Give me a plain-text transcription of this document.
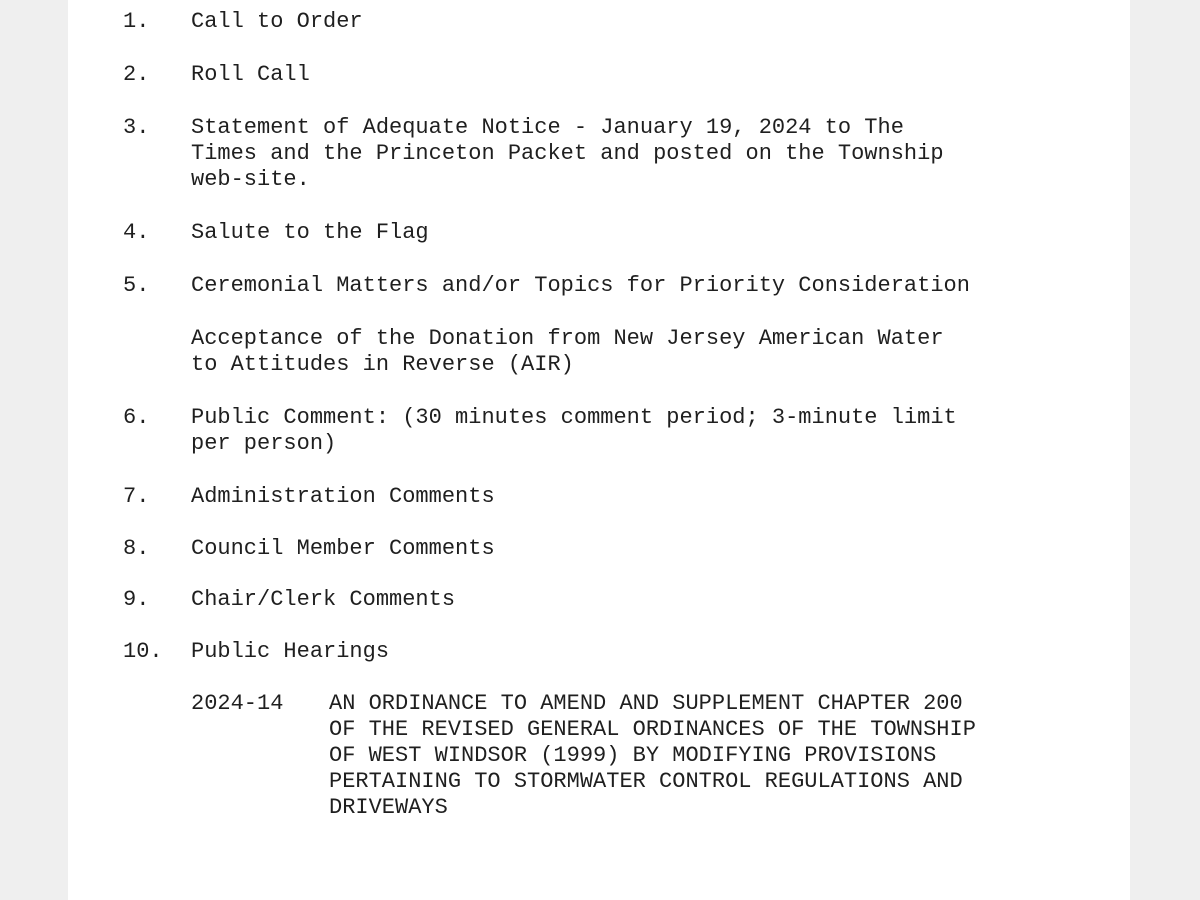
1. Call to Order
2. Roll Call
3. Statement of Adequate Notice - January 19, 2024 to The
Times and the Princeton Packet and posted on the Township
web-site.
4. Salute to the Flag
5. Ceremonial Matters and/or Topics for Priority Consideration
Acceptance of the Donation from New Jersey American Water
to Attitudes in Reverse (AIR)
6. Public Comment: (30 minutes comment period; 3-minute limit
per person)
7. Administration Comments
8. Council Member Comments
9. Chair/Clerk Comments
10. Public Hearings
2024-14 AN ORDINANCE TO AMEND AND SUPPLEMENT CHAPTER 200
OF THE REVISED GENERAL ORDINANCES OF THE TOWNSHIP
OF WEST WINDSOR (1999) BY MODIFYING PROVISIONS
PERTAINING TO STORMWATER CONTROL REGULATIONS AND
DRIVEWAYS
